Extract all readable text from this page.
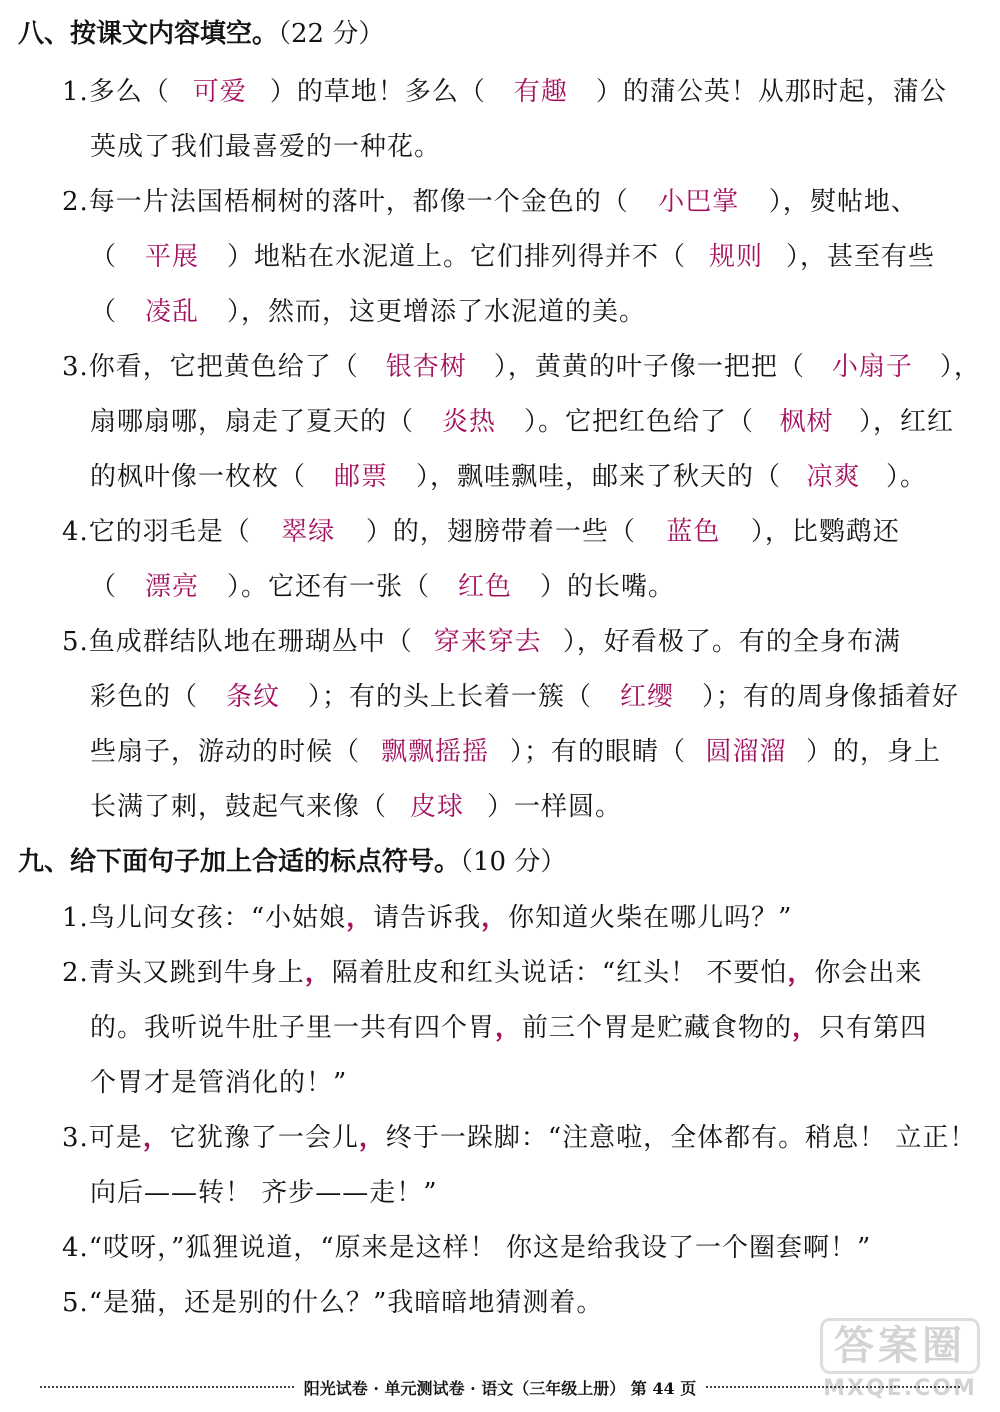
八、按课文内容填空。（22 分）
1.多么（ 可爱 ）的草地！多么（ 有趣 ）的蒲公英！从那时起，蒲公
英成了我们最喜爱的一种花。
2.每一片法国梧桐树的落叶，都像一个金色的（ 小巴掌 ），熨帖地、
（ 平展 ）地粘在水泥道上。它们排列得并不（ 规则 ），甚至有些
（ 凌乱 ），然而，这更增添了水泥道的美。
3.你看，它把黄色给了（ 银杏树 ），黄黄的叶子像一把把（ 小扇子 ），
扇哪扇哪，扇走了夏天的（ 炎热 ）。它把红色给了（ 枫树 ），红红
的枫叶像一枚枚（ 邮票 ），飘哇飘哇，邮来了秋天的（ 凉爽 ）。
4.它的羽毛是（ 翠绿 ）的，翅膀带着一些（ 蓝色 ），比鹦鹉还
（ 漂亮 ）。它还有一张（ 红色 ）的长嘴。
5.鱼成群结队地在珊瑚丛中（ 穿来穿去 ），好看极了。有的全身布满
彩色的（ 条纹 ）；有的头上长着一簇（ 红缨 ）；有的周身像插着好
些扇子，游动的时候（ 飘飘摇摇 ）；有的眼睛（ 圆溜溜 ）的，身上
长满了刺，鼓起气来像（ 皮球 ）一样圆。
九、给下面句子加上合适的标点符号。（10 分）
1.鸟儿问女孩：“小姑娘，请告诉我，你知道火柴在哪儿吗？”
2.青头又跳到牛身上，隔着肚皮和红头说话：“红头！ 不要怕，你会出来
的。我听说牛肚子里一共有四个胃，前三个胃是贮藏食物的，只有第四
个胃才是管消化的！”
3.可是，它犹豫了一会儿，终于一跺脚：“注意啦，全体都有。稍息！ 立正！
向后——转！ 齐步——走！”
4.“哎呀，”狐狸说道，“原来是这样！ 你这是给我设了一个圈套啊！”
5.“是猫，还是别的什么？”我暗暗地猜测着。
答案圈
MXQE.COM
阳光试卷 · 单元测试卷 · 语文（三年级上册） 第 44 页
